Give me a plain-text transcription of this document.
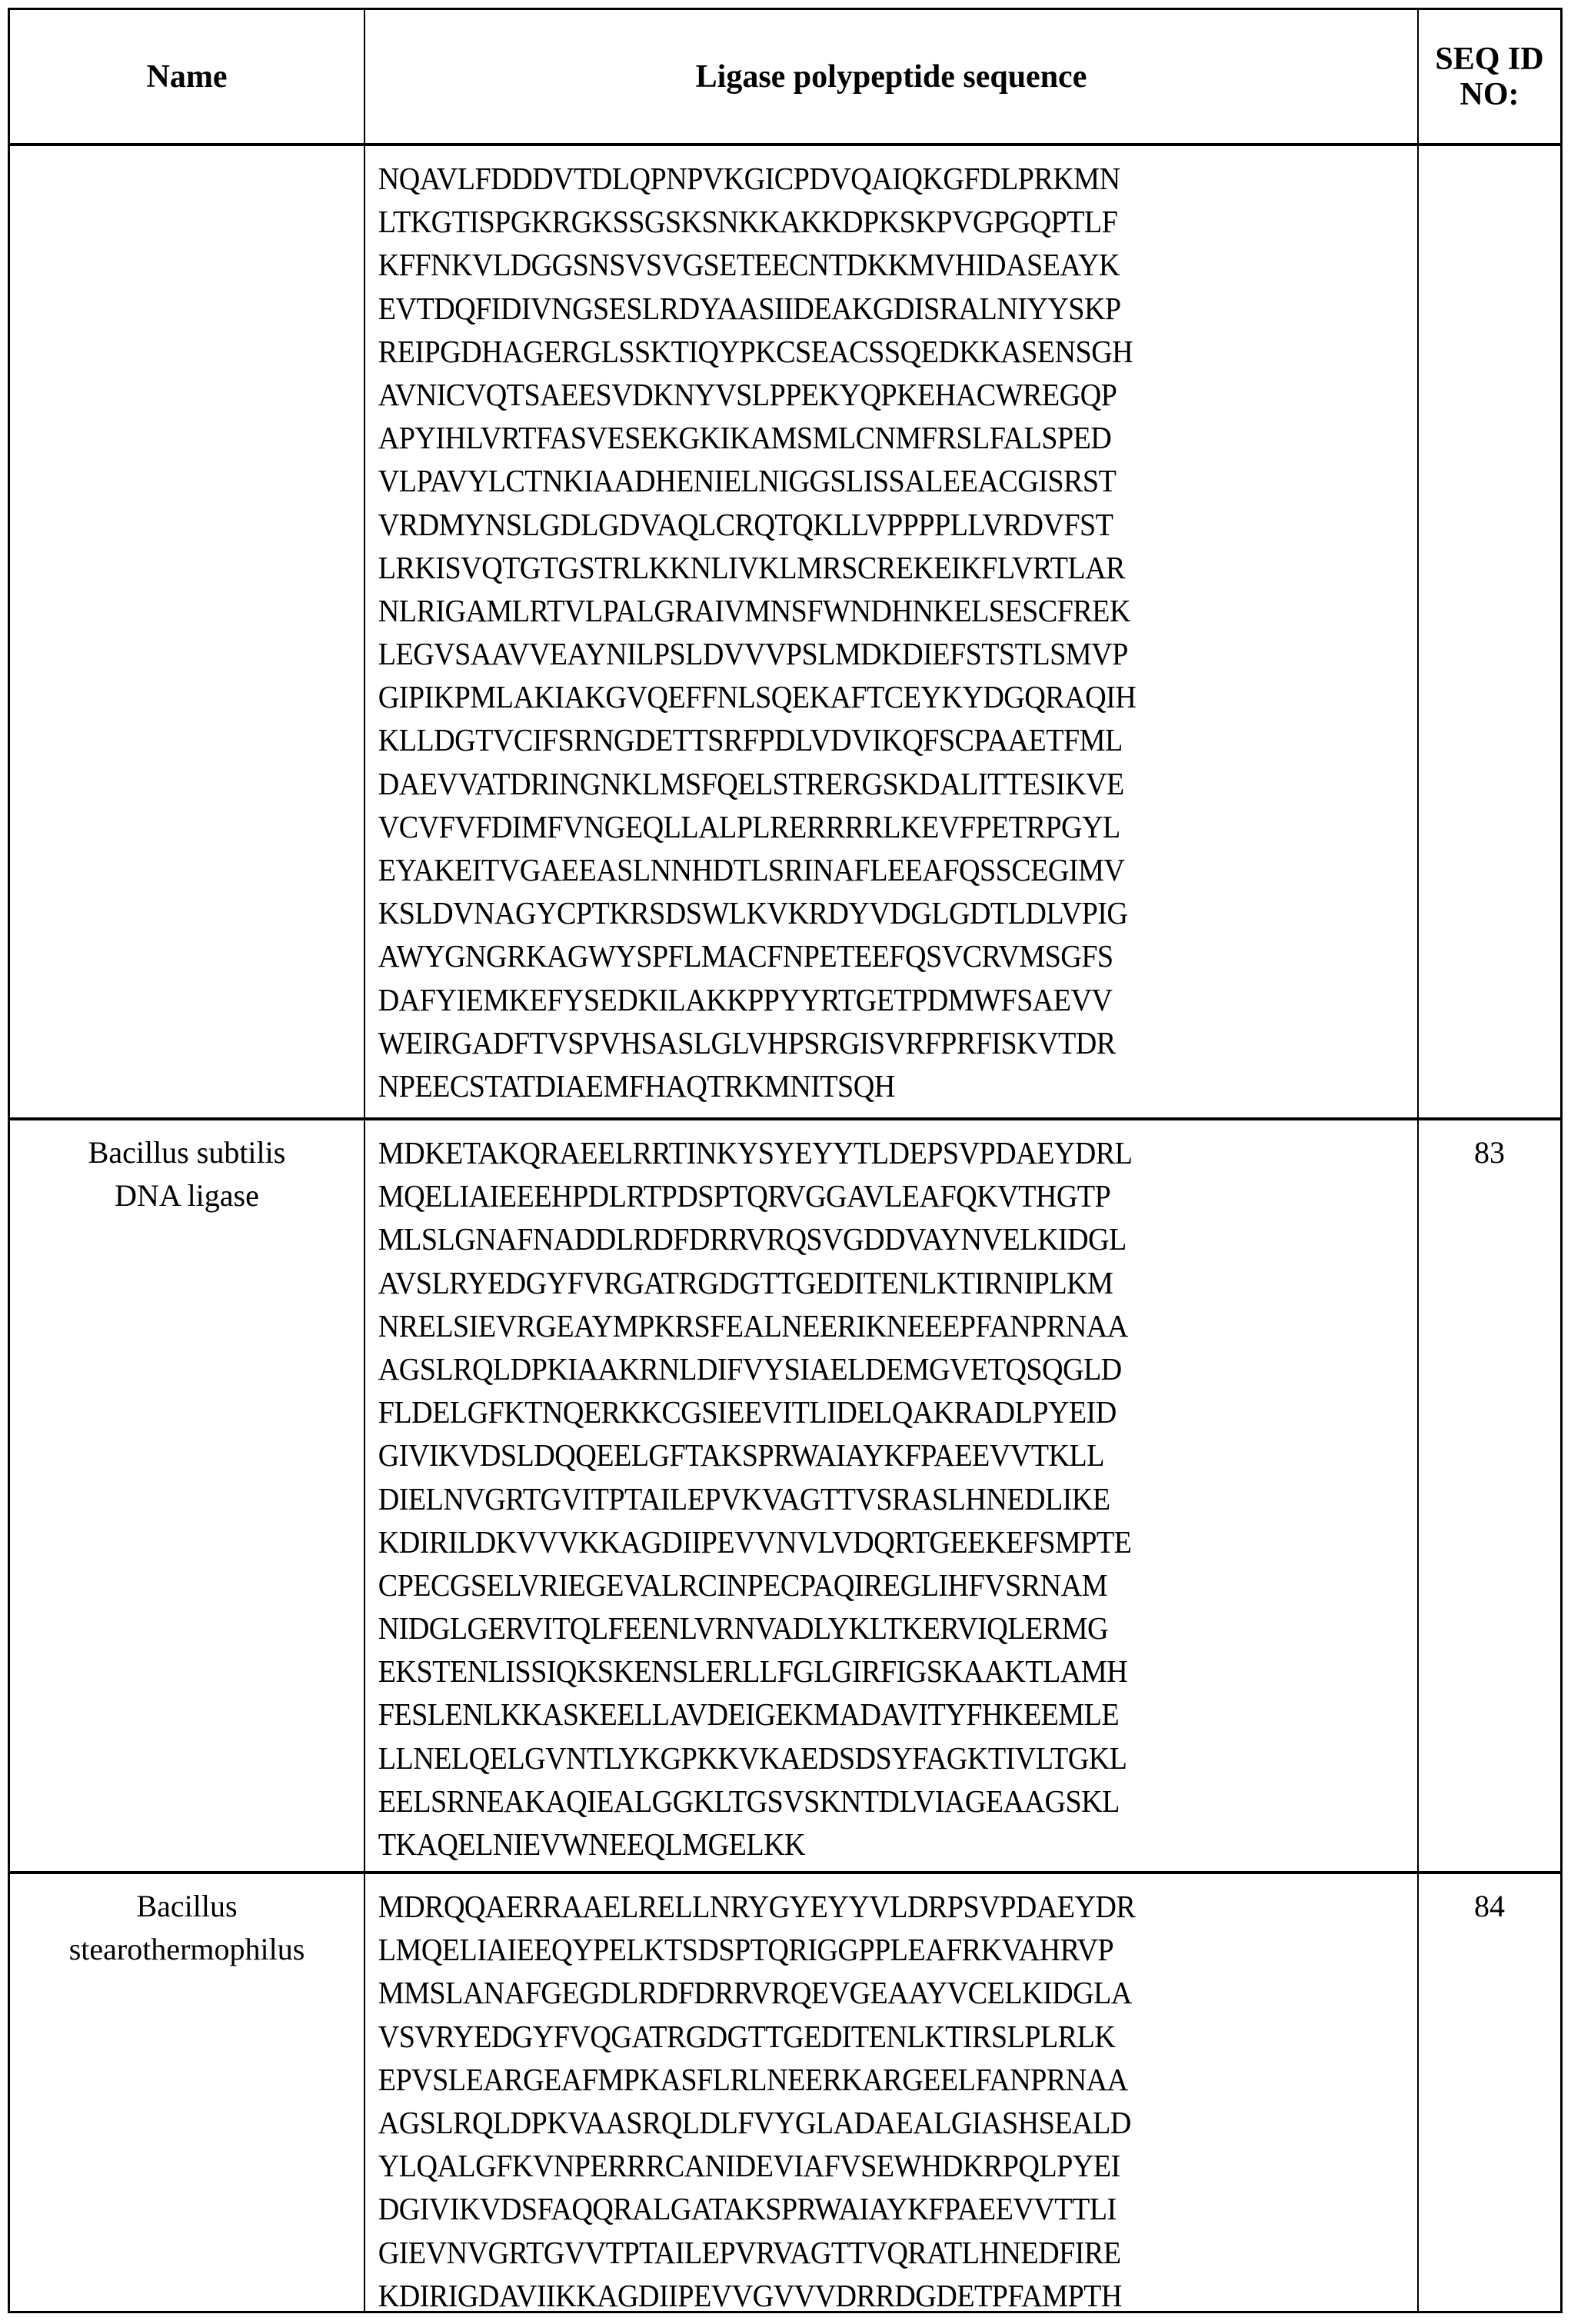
Name	Ligase polypeptide sequence	SEQ ID NO:
NQAVLFDDDVTDLQPNPVKGICPDVQAIQKGFDLPRKMN
LTKGTISPGKRGKSSGSKSNKKAKKDPKSKPVGPGQPTLF
KFFNKVLDGGSNSVSVGSETEECNTDKKMVHIDASEAYK
EVTDQFIDIVNGSESLRDYAASIIDEAKGDISRALNIYYSKP
REIPGDHAGERGLSSKTIQYPKCSEACSSQEDKKASENSGH
AVNICVQTSAEESVDKNYVSLPPEKYQPKEHACWREGQP
APYIHLVRTFASVESEKGKIKAMSMLCNMFRSLFALSPED
VLPAVYLCTNKIAADHENIELNIGGSLISSALEEACGISRST
VRDMYNSLGDLGDVAQLCRQTQKLLVPPPPLLVRDVFST
LRKISVQTGTGSTRLKKNLIVKLMRSCREKEIKFLVRTLAR
NLRIGAMLRTVLPALGRAIVMNSFWNDHNKELSESCFREK
LEGVSAAVVEAYNILPSLDVVVPSLMDKDIEFSTSTLSMVP
GIPIKPMLAKIAKGVQEFFNLSQEKAFTCEYKYDGQRAQIH
KLLDGTVCIFSRNGDETTSRFPDLVDVIKQFSCPAAETFML
DAEVVATDRINGNKLMSFQELSTRERGSKDALITTESIKVE
VCVFVFDIMFVNGEQLLALPLRERRRRLKEVFPETRPGYL
EYAKEITVGAEEASLNNHDTLSRINAFLEEAFQSSCEGIMV
KSLDVNAGYCPTKRSDSWLKVKRDYVDGLGDTLDLVPIG
AWYGNGRKAGWYSPFLMACFNPETEEFQSVCRVMSGFS
DAFYIEMKEFYSEDKILAKKPPYYRTGETPDMWFSAEVV
WEIRGADFTVSPVHSASLGLVHPSRGISVRFPRFISKVTDR
NPEECSTATDIAEMFHAQTRKMNITSQH
Bacillus subtilis
DNA ligase
MDKETAKQRAEELRRTINKYSYEYYTLDEPSVPDAEYDRL
MQELIAIEEEHPDLRTPDSPTQRVGGAVLEAFQKVTHGTP
MLSLGNAFNADDLRDFDRRVRQSVGDDVAYNVELKIDGL
AVSLRYEDGYFVRGATRGDGTTGEDITENLKTIRNIPLKM
NRELSIEVRGEAYMPKRSFEALNEERIKNEEEPFANPRNAA
AGSLRQLDPKIAAKRNLDIFVYSIAELDEMGVETQSQGLD
FLDELGFKTNQERKKCGSIEEVITLIDELQAKRADLPYEID
GIVIKVDSLDQQEELGFTAKSPRWAIAYKFPAEEVVTKLL
DIELNVGRTGVITPTAILEPVKVAGTTVSRASLHNEDLIKE
KDIRILDKVVVKKAGDIIPEVVNVLVDQRTGEEKEFSMPTE
CPECGSELVRIEGEVALRCINPECPAQIREGLIHFVSRNAM
NIDGLGERVITQLFEENLVRNVADLYKLTKERVIQLERMG
EKSTENLISSIQKSKENSLERLLFGLGIRFIGSKAAKTLAMH
FESLENLKKASKEELLAVDEIGEKMADAVITYFHKEEMLE
LLNELQELGVNTLYKGPKKVKAEDSDSYFAGKTIVLTGKL
EELSRNEAKAQIEALGGKLTGSVSKNTDLVIAGEAAGSKL
TKAQELNIEVWNEEQLMGELKK
83
Bacillus
stearothermophilus
MDRQQAERRAAELRELLNRYGYEYYVLDRPSVPDAEYDR
LMQELIAIEEQYPELKTSDSPTQRIGGPPLEAFRKVAHRVP
MMSLANAFGEGDLRDFDRRVRQEVGEAAYVCELKIDGLA
VSVRYEDGYFVQGATRGDGTTGEDITENLKTIRSLPLRLK
EPVSLEARGEAFMPKASFLRLNEERKARGEELFANPRNAA
AGSLRQLDPKVAASRQLDLFVYGLADAEALGIASHSEALD
YLQALGFKVNPERRRCANIDEVIAFVSEWHDKRPQLPYEI
DGIVIKVDSFAQQRALGATAKSPRWAIAYKFPAEEVVTTLI
GIEVNVGRTGVVTPTAILEPVRVAGTTVQRATLHNEDFIRE
KDIRIGDAVIIKKAGDIIPEVVGVVVDRRDGDETPFAMPTH
84
